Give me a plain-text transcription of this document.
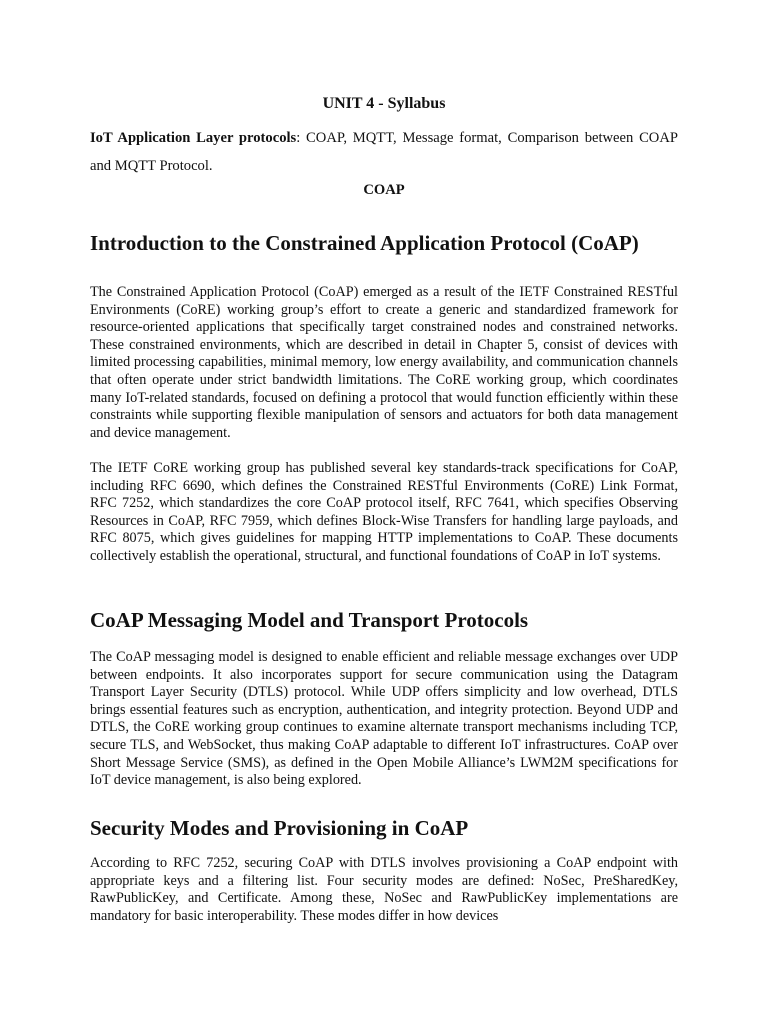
UNIT 4 - Syllabus
IoT Application Layer protocols: COAP, MQTT, Message format, Comparison between COAP and MQTT Protocol.
COAP
Introduction to the Constrained Application Protocol (CoAP)

The Constrained Application Protocol (CoAP) emerged as a result of the IETF Constrained RESTful Environments (CoRE) working group’s effort to create a generic and standardized framework for resource-oriented applications that specifically target constrained nodes and constrained networks. These constrained environments, which are described in detail in Chapter 5, consist of devices with limited processing capabilities, minimal memory, low energy availability, and communication channels that often operate under strict bandwidth limitations. The CoRE working group, which coordinates many IoT-related standards, focused on defining a protocol that would function efficiently within these constraints while supporting flexible manipulation of sensors and actuators for both data management and device management.

The IETF CoRE working group has published several key standards-track specifications for CoAP, including RFC 6690, which defines the Constrained RESTful Environments (CoRE) Link Format, RFC 7252, which standardizes the core CoAP protocol itself, RFC 7641, which specifies Observing Resources in CoAP, RFC 7959, which defines Block-Wise Transfers for handling large payloads, and RFC 8075, which gives guidelines for mapping HTTP implementations to CoAP. These documents collectively establish the operational, structural, and functional foundations of CoAP in IoT systems.

CoAP Messaging Model and Transport Protocols

The CoAP messaging model is designed to enable efficient and reliable message exchanges over UDP between endpoints. It also incorporates support for secure communication using the Datagram Transport Layer Security (DTLS) protocol. While UDP offers simplicity and low overhead, DTLS brings essential features such as encryption, authentication, and integrity protection. Beyond UDP and DTLS, the CoRE working group continues to examine alternate transport mechanisms including TCP, secure TLS, and WebSocket, thus making CoAP adaptable to different IoT infrastructures. CoAP over Short Message Service (SMS), as defined in the Open Mobile Alliance’s LWM2M specifications for IoT device management, is also being explored.

Security Modes and Provisioning in CoAP

According to RFC 7252, securing CoAP with DTLS involves provisioning a CoAP endpoint with appropriate keys and a filtering list. Four security modes are defined: NoSec, PreSharedKey, RawPublicKey, and Certificate. Among these, NoSec and RawPublicKey implementations are mandatory for basic interoperability. These modes differ in how devices
